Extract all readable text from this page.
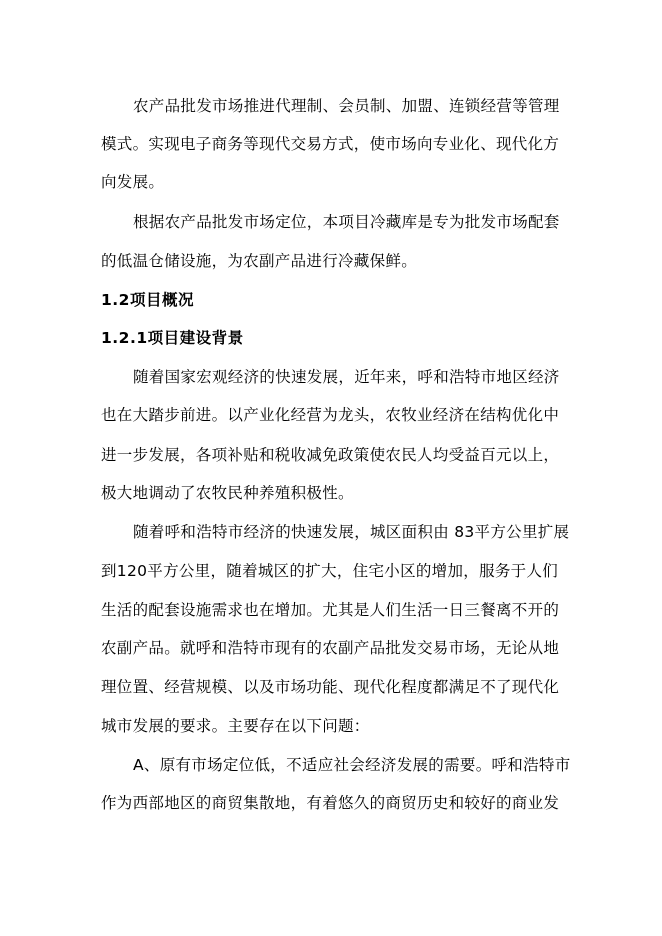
农产品批发市场推进代理制、会员制、加盟、连锁经营等管理
模式。实现电子商务等现代交易方式，使市场向专业化、现代化方
向发展。
根据农产品批发市场定位，本项目冷藏库是专为批发市场配套
的低温仓储设施，为农副产品进行冷藏保鲜。
1.2项目概况
1.2.1项目建设背景
随着国家宏观经济的快速发展，近年来，呼和浩特市地区经济
也在大踏步前进。以产业化经营为龙头，农牧业经济在结构优化中
进一步发展，各项补贴和税收减免政策使农民人均受益百元以上，
极大地调动了农牧民种养殖积极性。
随着呼和浩特市经济的快速发展，城区面积由 83平方公里扩展
到120平方公里，随着城区的扩大，住宅小区的增加，服务于人们
生活的配套设施需求也在增加。尤其是人们生活一日三餐离不开的
农副产品。就呼和浩特市现有的农副产品批发交易市场，无论从地
理位置、经营规模、以及市场功能、现代化程度都满足不了现代化
城市发展的要求。主要存在以下问题：
A、原有市场定位低，不适应社会经济发展的需要。呼和浩特市
作为西部地区的商贸集散地，有着悠久的商贸历史和较好的商业发
